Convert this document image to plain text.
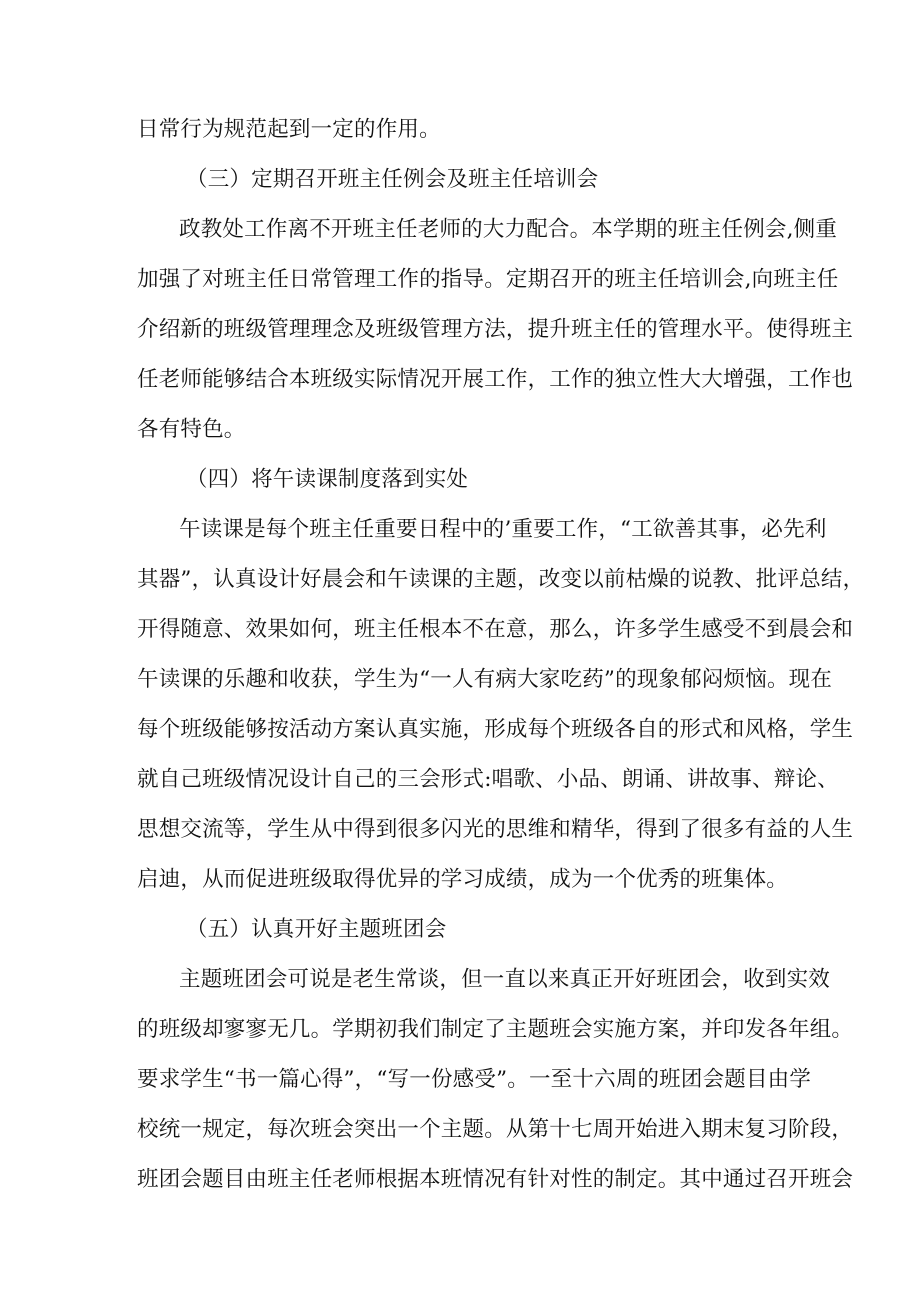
日常行为规范起到一定的作用。
（三）定期召开班主任例会及班主任培训会
政教处工作离不开班主任老师的大力配合。本学期的班主任例会,侧重
加强了对班主任日常管理工作的指导。定期召开的班主任培训会,向班主任
介绍新的班级管理理念及班级管理方法，提升班主任的管理水平。使得班主
任老师能够结合本班级实际情况开展工作，工作的独立性大大增强，工作也
各有特色。
（四）将午读课制度落到实处
午读课是每个班主任重要日程中的’重要工作，“工欲善其事，必先利
其器”，认真设计好晨会和午读课的主题，改变以前枯燥的说教、批评总结，
开得随意、效果如何，班主任根本不在意，那么，许多学生感受不到晨会和
午读课的乐趣和收获，学生为“一人有病大家吃药”的现象郁闷烦恼。现在
每个班级能够按活动方案认真实施，形成每个班级各自的形式和风格，学生
就自己班级情况设计自己的三会形式:唱歌、小品、朗诵、讲故事、辩论、
思想交流等，学生从中得到很多闪光的思维和精华，得到了很多有益的人生
启迪，从而促进班级取得优异的学习成绩，成为一个优秀的班集体。
（五）认真开好主题班团会
主题班团会可说是老生常谈，但一直以来真正开好班团会，收到实效
的班级却寥寥无几。学期初我们制定了主题班会实施方案，并印发各年组。
要求学生“书一篇心得”，“写一份感受”。一至十六周的班团会题目由学
校统一规定，每次班会突出一个主题。从第十七周开始进入期末复习阶段，
班团会题目由班主任老师根据本班情况有针对性的制定。其中通过召开班会
